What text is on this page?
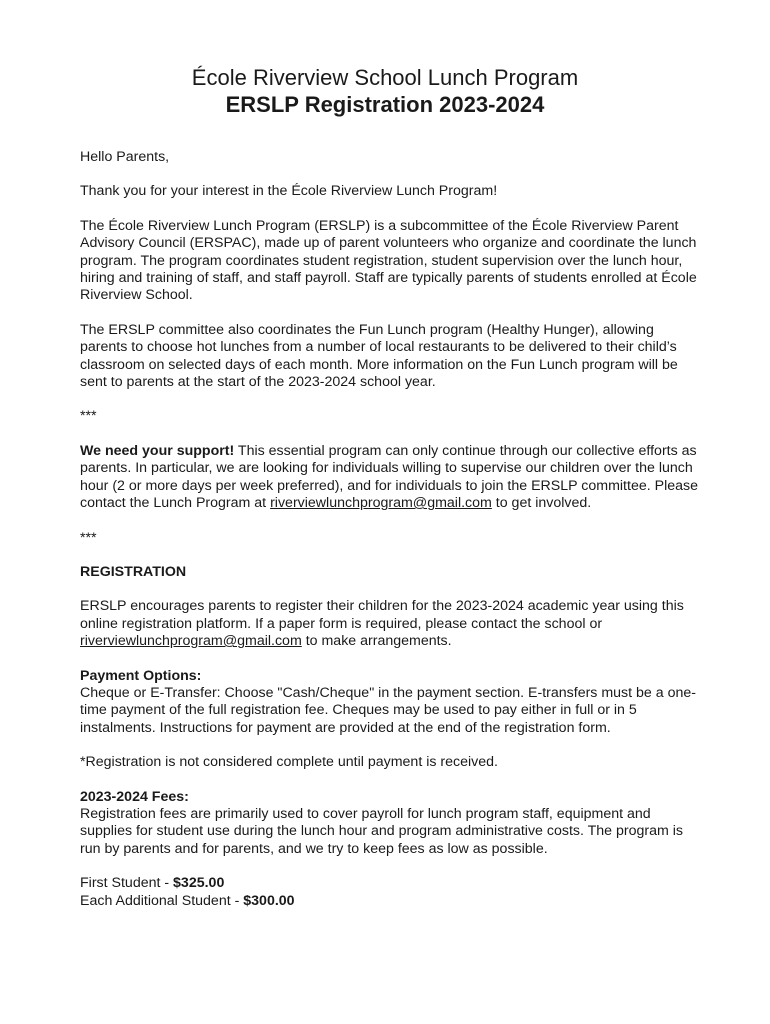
École Riverview School Lunch Program
ERSLP Registration 2023-2024

Hello Parents,

Thank you for your interest in the École Riverview Lunch Program!

The École Riverview Lunch Program (ERSLP) is a subcommittee of the École Riverview Parent Advisory Council (ERSPAC), made up of parent volunteers who organize and coordinate the lunch program. The program coordinates student registration, student supervision over the lunch hour, hiring and training of staff, and staff payroll. Staff are typically parents of students enrolled at École Riverview School.

The ERSLP committee also coordinates the Fun Lunch program (Healthy Hunger), allowing parents to choose hot lunches from a number of local restaurants to be delivered to their child’s classroom on selected days of each month. More information on the Fun Lunch program will be sent to parents at the start of the 2023-2024 school year.

***

We need your support! This essential program can only continue through our collective efforts as parents. In particular, we are looking for individuals willing to supervise our children over the lunch hour (2 or more days per week preferred), and for individuals to join the ERSLP committee. Please contact the Lunch Program at riverviewlunchprogram@gmail.com to get involved.

***

REGISTRATION

ERSLP encourages parents to register their children for the 2023-2024 academic year using this online registration platform. If a paper form is required, please contact the school or riverviewlunchprogram@gmail.com to make arrangements.

Payment Options:

Cheque or E-Transfer: Choose "Cash/Cheque" in the payment section. E-transfers must be a one-time payment of the full registration fee. Cheques may be used to pay either in full or in 5 instalments. Instructions for payment are provided at the end of the registration form.

*Registration is not considered complete until payment is received.

2023-2024 Fees:

Registration fees are primarily used to cover payroll for lunch program staff, equipment and supplies for student use during the lunch hour and program administrative costs. The program is run by parents and for parents, and we try to keep fees as low as possible.

First Student - $325.00

Each Additional Student - $300.00
